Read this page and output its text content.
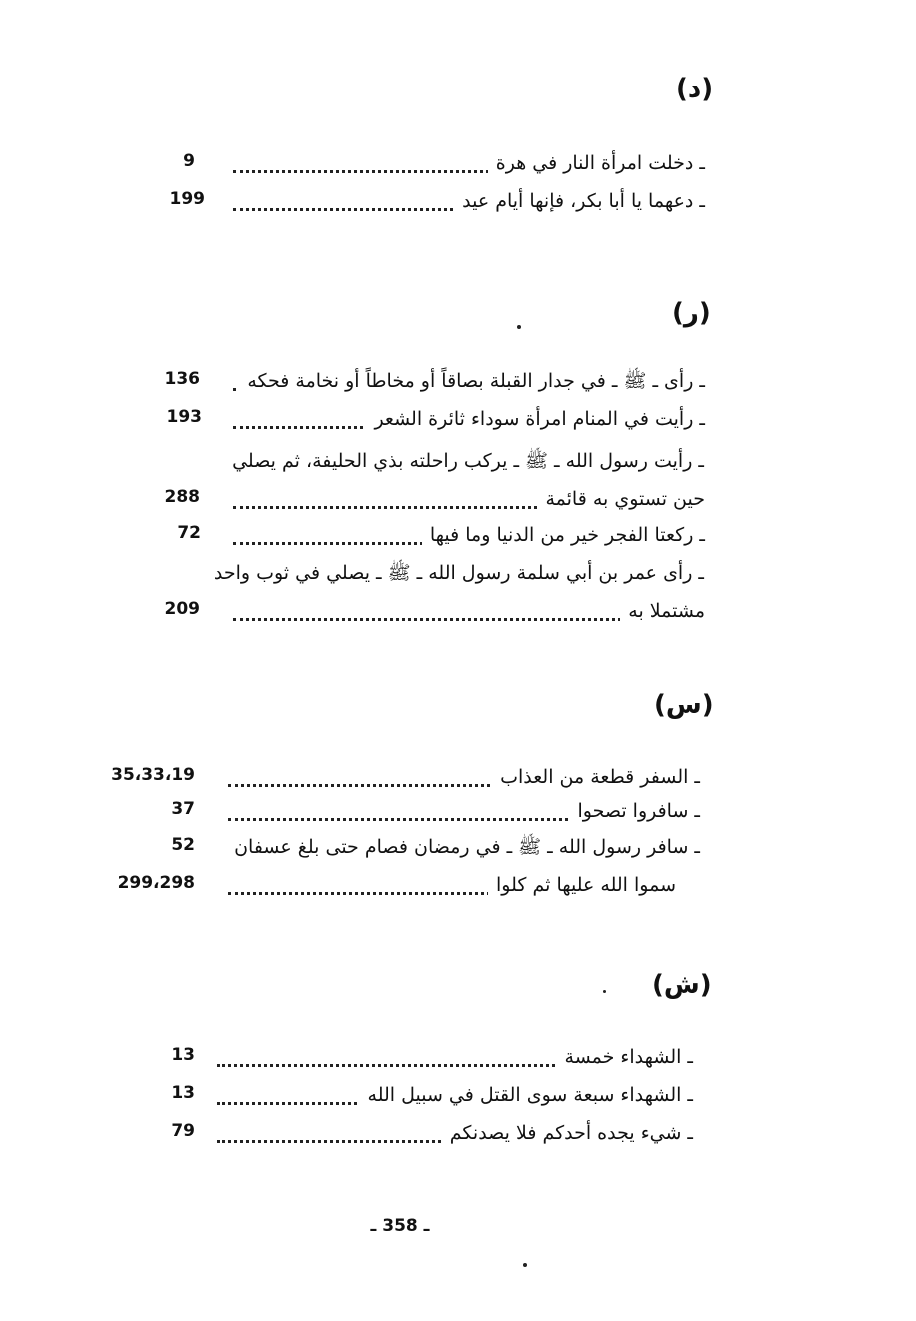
(د)
9	ـ دخلت امرأة النار في هرة
199	ـ دعهما يا أبا بكر، فإنها أيام عيد
(ر)
136	ـ رأى ـ ﷺ ـ في جدار القبلة بصاقاً أو مخاطاً أو نخامة فحكه
193	ـ رأيت في المنام امرأة سوداء ثائرة الشعر
ـ رأيت رسول الله ـ ﷺ ـ يركب راحلته بذي الحليفة، ثم يصلي
288	حين تستوي به قائمة
72	ـ ركعتا الفجر خير من الدنيا وما فيها
ـ رأى عمر بن أبي سلمة رسول الله ـ ﷺ ـ يصلي في ثوب واحد
209	مشتملا به
(س)
35،33،19	ـ السفر قطعة من العذاب
37	ـ سافروا تصحوا
52	ـ سافر رسول الله ـ ﷺ ـ في رمضان فصام حتى بلغ عسفان
299،298	سموا الله عليها ثم كلوا
(ش)
13	ـ الشهداء خمسة
13	ـ الشهداء سبعة سوى القتل في سبيل الله
79	ـ شيء يجده أحدكم فلا يصدنكم
ـ 358 ـ
